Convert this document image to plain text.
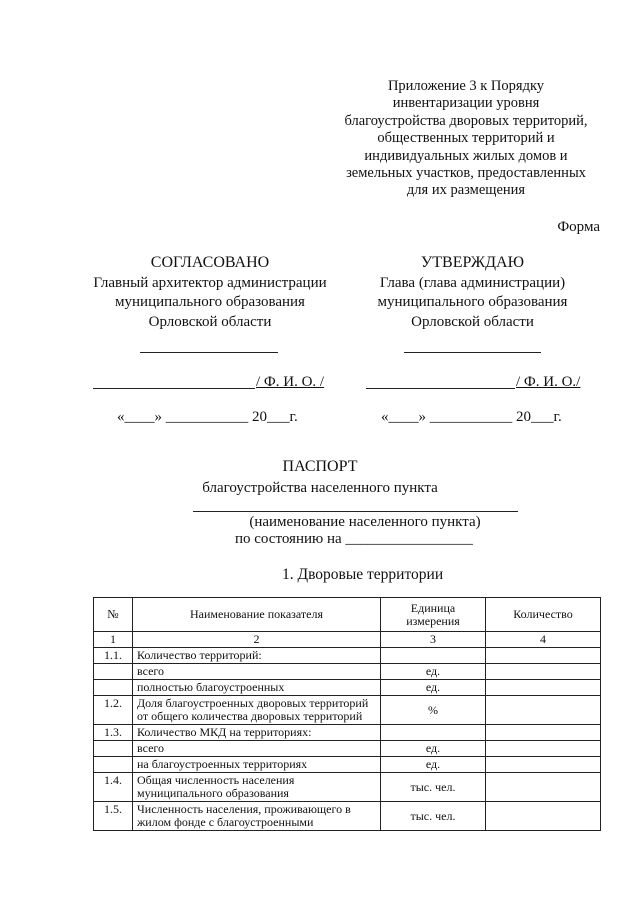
Приложение 3 к Порядку
инвентаризации уровня
благоустройства дворовых территорий,
общественных территорий и
индивидуальных жилых домов и
земельных участков, предоставленных
для их размещения
Форма
СОГЛАСОВАНО
Главный архитектор администрации
муниципального образования
Орловской области
/ Ф. И. О. /
«____» ___________ 20___г.
УТВЕРЖДАЮ
Глава (глава администрации)
муниципального образования
Орловской области
/ Ф. И. О./
«____» ___________ 20___г.
ПАСПОРТ
благоустройства населенного пункта
(наименование населенного пункта)
по состоянию на _________________
1. Дворовые территории
№	Наименование показателя	Единица измерения	Количество
1	2	3	4
1.1.	Количество территорий:		
	всего	ед.	
	полностью благоустроенных	ед.	
1.2.	Доля благоустроенных дворовых территорий от общего количества дворовых территорий	%	
1.3.	Количество МКД на территориях:		
	всего	ед.	
	на благоустроенных территориях	ед.	
1.4.	Общая численность населения муниципального образования	тыс. чел.	
1.5.	Численность населения, проживающего в жилом фонде с благоустроенными	тыс. чел.	
